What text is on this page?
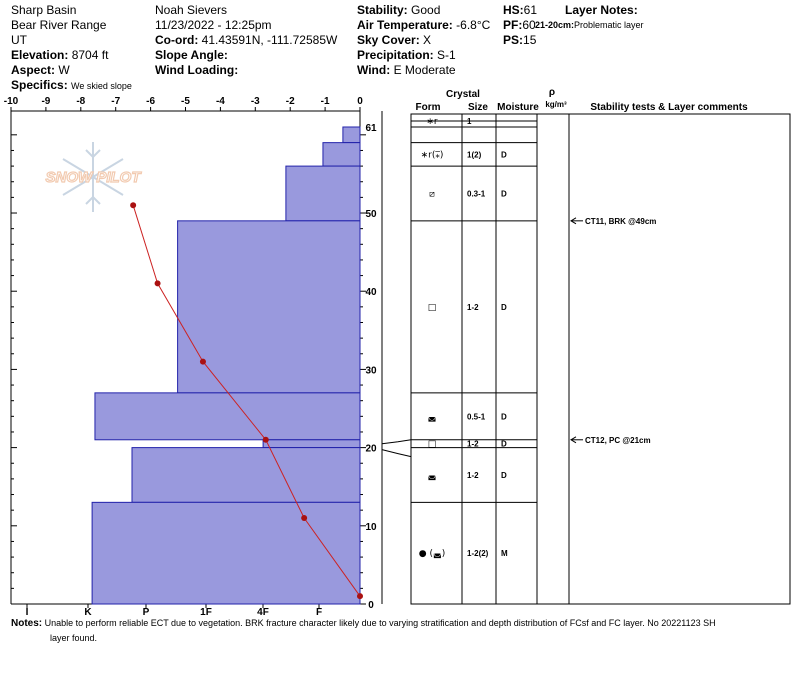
Sharp Basin
Bear River Range
UT
Elevation: 8704 ft
Aspect: W
Specifics: We skied slope
Noah Sievers
11/23/2022 - 12:25pm
Co-ord: 41.43591N, -111.72585W
Slope Angle:
Wind Loading:
Stability: Good
Air Temperature: -6.8°C
Sky Cover: X
Precipitation: S-1
Wind: E Moderate
HS:61
PF:60
PS:15
Layer Notes:
21-20cm:Problematic layer
SNOW PILOT
-10 -9	-8	-7	-6	-5	-4	-3	-2	-1	0
I	K	P	1F	4F	F
0
10
20
30
40
50
61
Crystal
Form	Size Moisture
ρ
kg/m³ Stability tests & Layer comments
∗r	1
∗r(⁎̅)	1(2) D
⧄	0.3-1 D
□	1-2	D
◛	0.5-1 D
□	1-2	D
◛	1-2	D
● (◛)	1-2(2) M
CT11, BRK @49cm
CT12, PC @21cm
Notes: Unable to perform reliable ECT due to vegetation. BRK fracture character likely due to varying stratification and depth distribution of FCsf and FC layer. No 20221123 SH
layer found.
